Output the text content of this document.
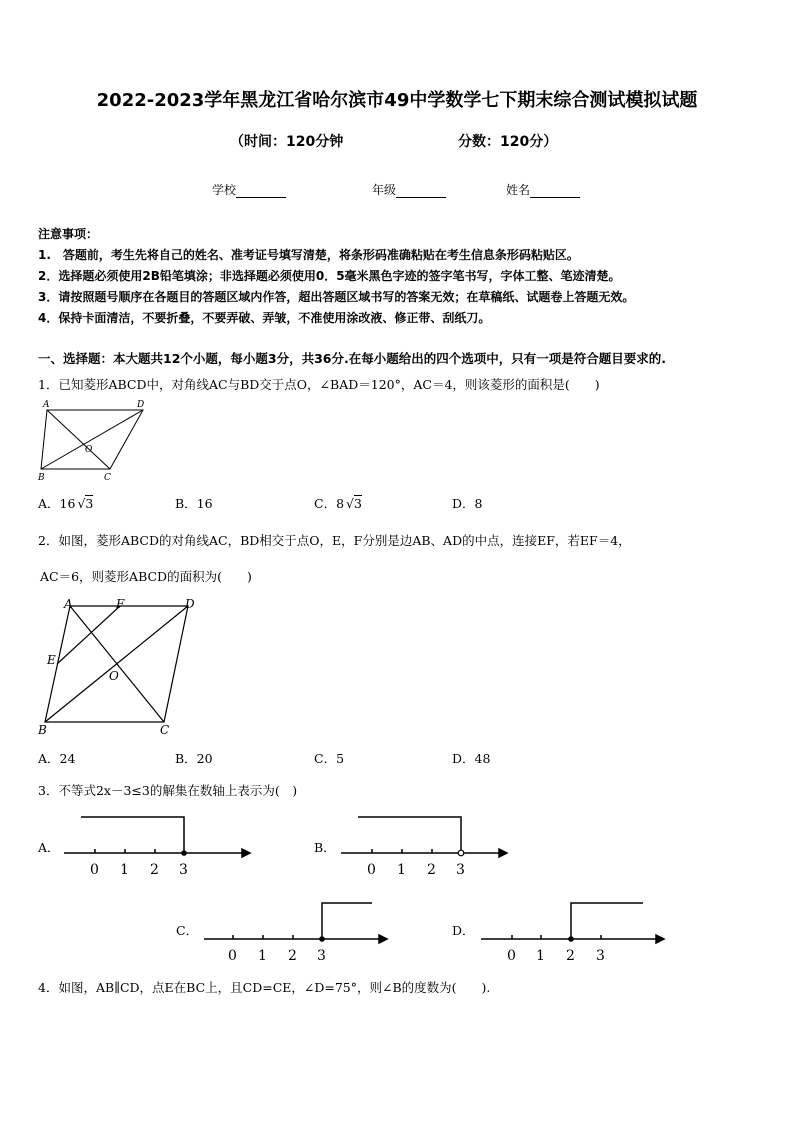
2022-2023学年黑龙江省哈尔滨市49中学数学七下期末综合测试模拟试题
（时间：120分钟	分数：120分）
学校	年级	姓名
注意事项：
1.　答题前，考生先将自己的姓名、准考证号填写清楚，将条形码准确粘贴在考生信息条形码粘贴区。
2．选择题必须使用2B铅笔填涂；非选择题必须使用0．5毫米黑色字迹的签字笔书写，字体工整、笔迹清楚。
3．请按照题号顺序在各题目的答题区域内作答，超出答题区域书写的答案无效；在草稿纸、试题卷上答题无效。
4．保持卡面清洁，不要折叠，不要弄破、弄皱，不准使用涂改液、修正带、刮纸刀。
一、选择题：本大题共12个小题，每小题3分，共36分.在每小题给出的四个选项中，只有一项是符合题目要求的.
1．已知菱形ABCD中，对角线AC与BD交于点O，∠BAD＝120°，AC＝4，则该菱形的面积是(　　)
A	D
O
B	C
A．16 √3	B．16	C．8 √3	D．8
2．如图，菱形ABCD的对角线AC，BD相交于点O，E，F分别是边AB、AD的中点，连接EF，若EF＝4，
AC＝6，则菱形ABCD的面积为(　　)
A	F	D
E
O
B	C
A．24	B．20	C．5	D．48
3．不等式2x－3≤3的解集在数轴上表示为(　)
A．
0 1 2 3
B．
0 1 2 3
C．
0 1 2 3
D．
0 1 2 3
4．如图，AB∥CD，点E在BC上，且CD=CE，∠D=75°，则∠B的度数为(　　).
